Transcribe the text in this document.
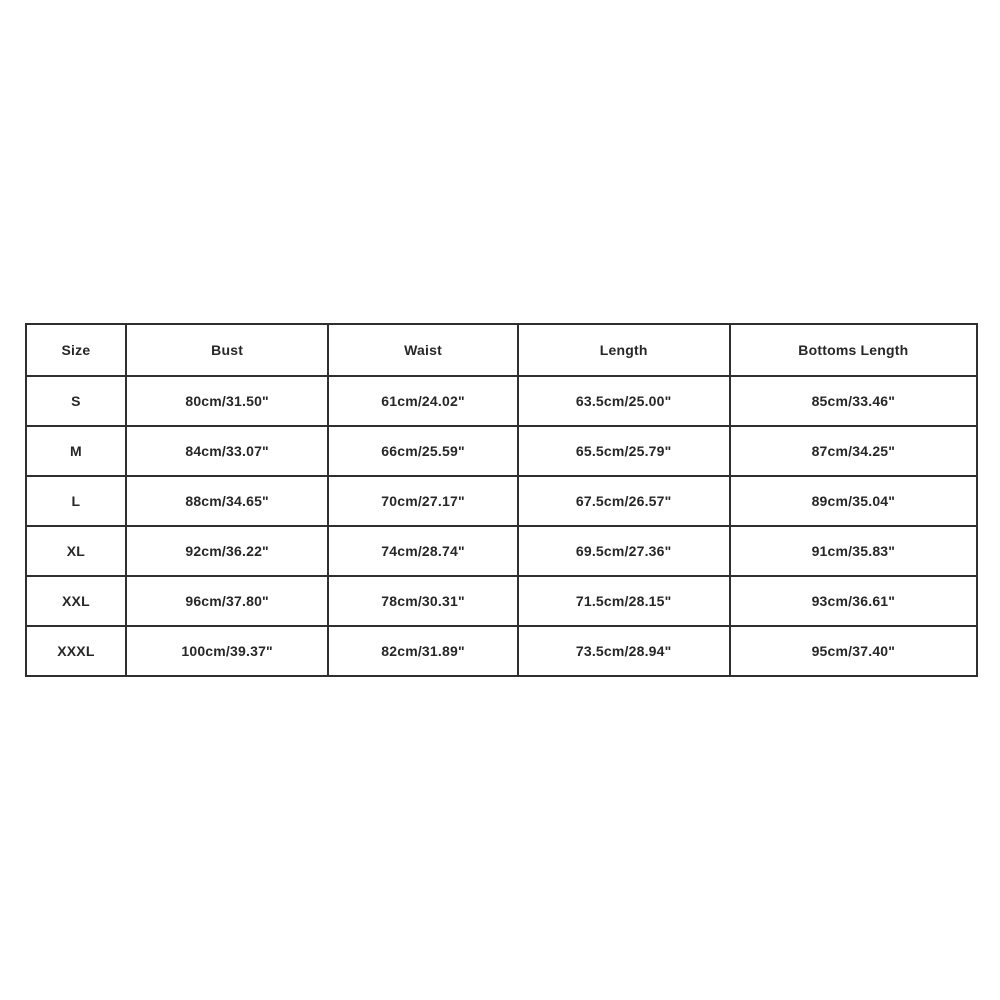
Size	Bust	Waist	Length	Bottoms Length
S	80cm/31.50"	61cm/24.02"	63.5cm/25.00"	85cm/33.46"
M	84cm/33.07"	66cm/25.59"	65.5cm/25.79"	87cm/34.25"
L	88cm/34.65"	70cm/27.17"	67.5cm/26.57"	89cm/35.04"
XL	92cm/36.22"	74cm/28.74"	69.5cm/27.36"	91cm/35.83"
XXL	96cm/37.80"	78cm/30.31"	71.5cm/28.15"	93cm/36.61"
XXXL	100cm/39.37"	82cm/31.89"	73.5cm/28.94"	95cm/37.40"
